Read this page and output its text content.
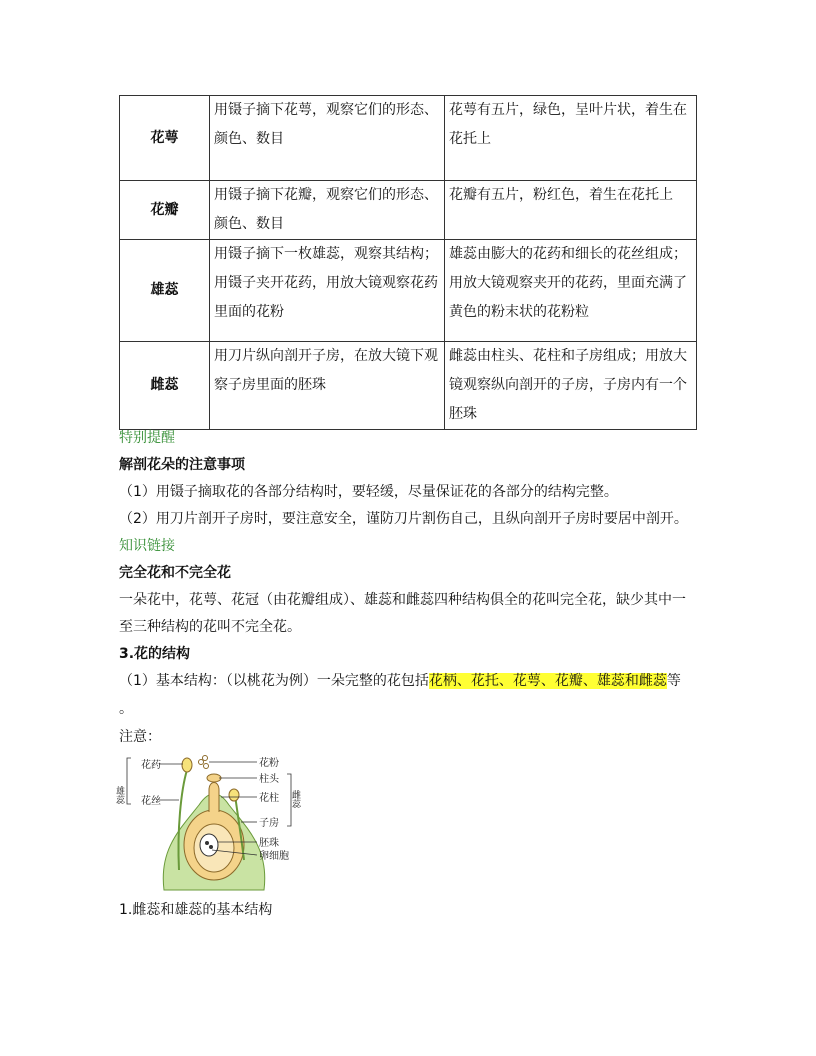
花萼	用镊子摘下花萼，观察它们的形态、颜色、数目	花萼有五片，绿色，呈叶片状，着生在花托上
花瓣	用镊子摘下花瓣，观察它们的形态、颜色、数目	花瓣有五片，粉红色，着生在花托上
雄蕊	用镊子摘下一枚雄蕊，观察其结构；用镊子夹开花药，用放大镜观察花药里面的花粉	雄蕊由膨大的花药和细长的花丝组成；用放大镜观察夹开的花药，里面充满了黄色的粉末状的花粉粒
雌蕊	用刀片纵向剖开子房，在放大镜下观察子房里面的胚珠	雌蕊由柱头、花柱和子房组成；用放大镜观察纵向剖开的子房，子房内有一个胚珠
特别提醒
解剖花朵的注意事项
（1）用镊子摘取花的各部分结构时，要轻缓，尽量保证花的各部分的结构完整。
（2）用刀片剖开子房时，要注意安全，谨防刀片割伤自己，且纵向剖开子房时要居中剖开。
知识链接
完全花和不完全花
一朵花中，花萼、花冠（由花瓣组成）、雄蕊和雌蕊四种结构俱全的花叫完全花，缺少其中一
至三种结构的花叫不完全花。
3.花的结构
（1）基本结构：（以桃花为例）一朵完整的花包括花柄、花托、花萼、花瓣、雄蕊和雌蕊等
。
注意：
花药
花丝
雄蕊
花粉
柱头
花柱
子房
雌蕊
胚珠
卵细胞
1.雌蕊和雄蕊的基本结构
